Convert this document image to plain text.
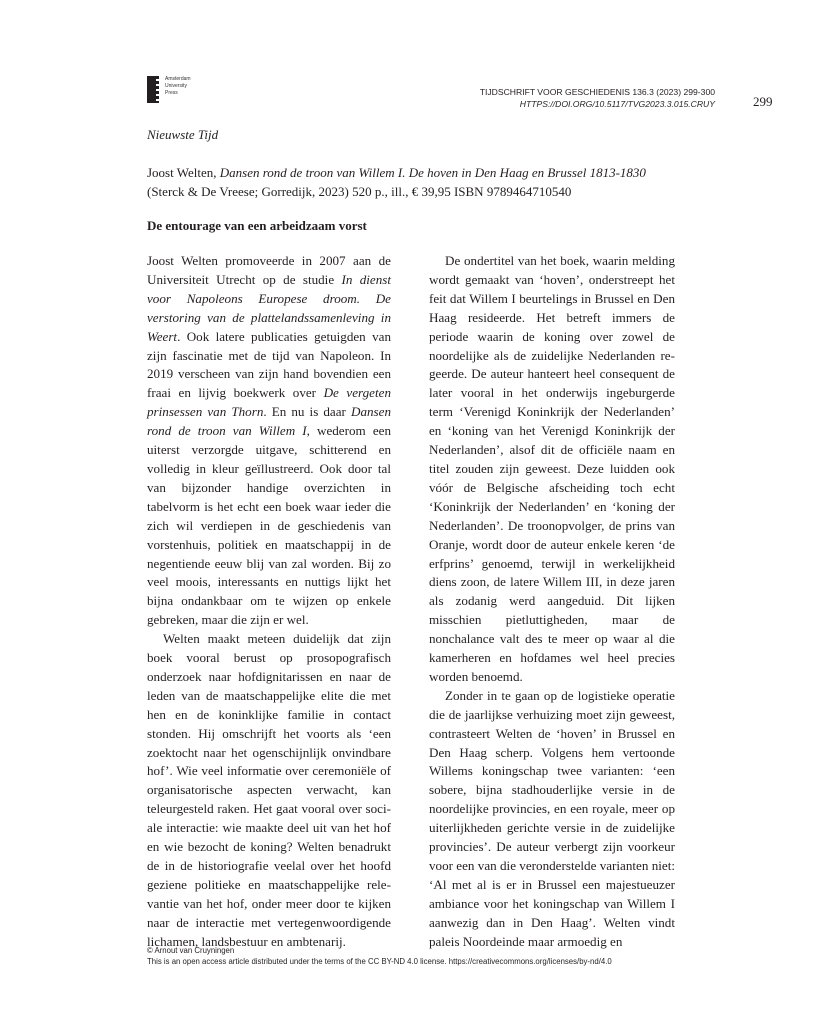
Amsterdam
University
Press	TIJDSCHRIFT VOOR GESCHIEDENIS 136.3 (2023) 299-300
HTTPS://DOI.ORG/10.5117/TVG2023.3.015.CRUY	299
Nieuwste Tijd
Joost Welten, Dansen rond de troon van Willem I. De hoven in Den Haag en Brussel 1813-1830
(Sterck & De Vreese; Gorredijk, 2023) 520 p., ill., € 39,95 ISBN 9789464710540
De entourage van een arbeidzaam vorst

Joost Welten promoveerde in 2007 aan de Universiteit Utrecht op de studie In dienst voor Napoleons Europese droom. De verstoring van de plattelandssamenleving in Weert. Ook latere publicaties getuigden van zijn fascinatie met de tijd van Napoleon. In 2019 verscheen van zijn hand bovendien een fraai en lijvig boekwerk over De vergeten prinsessen van Thorn. En nu is daar Dansen rond de troon van Willem I, wederom een uiterst verzorgde uitgave, schitterend en volledig in kleur geïllustreerd. Ook door tal van bijzonder handige overzichten in tabelvorm is het echt een boek waar ieder die zich wil verdiepen in de geschiedenis van vorstenhuis, politiek en maatschappij in de negentiende eeuw blij van zal worden. Bij zo veel moois, interessants en nuttigs lijkt het bijna ondankbaar om te wijzen op enkele gebreken, maar die zijn er wel.

Welten maakt meteen duidelijk dat zijn boek vooral berust op prosopografisch onderzoek naar hofdignitarissen en naar de leden van de maatschappelijke elite die met hen en de koninklijke familie in contact stonden. Hij omschrijft het voorts als ‘een zoektocht naar het ogenschijnlijk onvindbare hof’. Wie veel informatie over ceremoniële of organisatorische aspecten verwacht, kan teleurgesteld raken. Het gaat vooral over sociale interactie: wie maakte deel uit van het hof en wie bezocht de koning? Welten benadrukt de in de historiografie veelal over het hoofd geziene politieke en maatschappelijke relevantie van het hof, onder meer door te kijken naar de interactie met vertegenwoordigende lichamen, landsbestuur en ambtenarij.

De ondertitel van het boek, waarin melding wordt gemaakt van ‘hoven’, onderstreept het feit dat Willem I beurtelings in Brussel en Den Haag resideerde. Het betreft immers de periode waarin de koning over zowel de noordelijke als de zuidelijke Nederlanden regeerde. De auteur hanteert heel consequent de later vooral in het onderwijs ingeburgerde term ‘Verenigd Koninkrijk der Nederlanden’ en ‘koning van het Verenigd Koninkrijk der Nederlanden’, alsof dit de officiële naam en titel zouden zijn geweest. Deze luidden ook vóór de Belgische afscheiding toch echt ‘Koninkrijk der Nederlanden’ en ‘koning der Nederlanden’. De troonopvolger, de prins van Oranje, wordt door de auteur enkele keren ‘de erfprins’ genoemd, terwijl in werkelijkheid diens zoon, de latere Willem III, in deze jaren als zodanig werd aangeduid. Dit lijken misschien pietluttigheden, maar de nonchalance valt des te meer op waar al die kamerheren en hofdames wel heel precies worden benoemd.

Zonder in te gaan op de logistieke operatie die de jaarlijkse verhuizing moet zijn geweest, contrasteert Welten de ‘hoven’ in Brussel en Den Haag scherp. Volgens hem vertoonde Willems koningschap twee varianten: ‘een sobere, bijna stadhouderlijke versie in de noordelijke provincies, en een royale, meer op uiterlijkheden gerichte versie in de zuidelijke provincies’. De auteur verbergt zijn voorkeur voor een van die veronderstelde varianten niet: ‘Al met al is er in Brussel een majestueuzer ambiance voor het koningschap van Willem I aanwezig dan in Den Haag’. Welten vindt paleis Noordeinde maar armoedig en

© Arnout van Cruyningen
This is an open access article distributed under the terms of the CC BY-ND 4.0 license. https://creativecommons.org/licenses/by-nd/4.0
